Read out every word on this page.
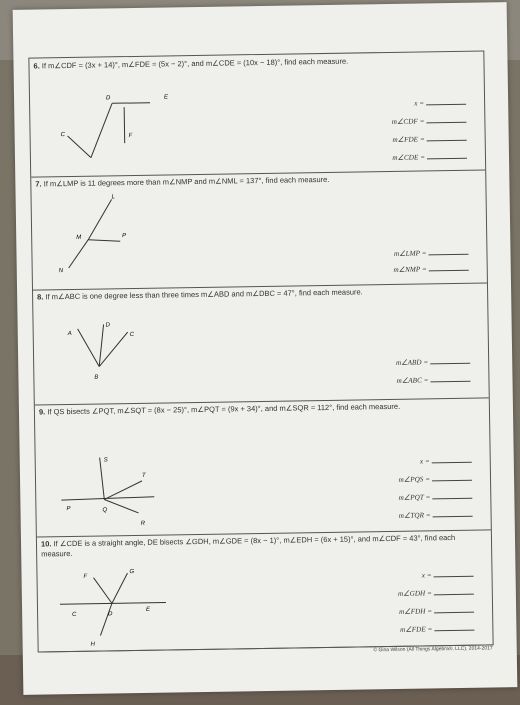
6. If m∠CDF = (3x + 14)°, m∠FDE = (5x − 2)°, and m∠CDE = (10x − 18)°, find each measure.
D	E
C	F
x =
m∠CDF =
m∠FDE =
m∠CDE =
7. If m∠LMP is 11 degrees more than m∠NMP and m∠NML = 137°, find each measure.
L
M	P
N
m∠LMP =
m∠NMP =
8. If m∠ABC is one degree less than three times m∠ABD and m∠DBC = 47°, find each measure.
A
D
C
B
m∠ABD =
m∠ABC =
9. If QS bisects ∠PQT, m∠SQT = (8x − 25)°, m∠PQT = (9x + 34)°, and m∠SQR = 112°, find each measure.
S
T
P	Q
R
x =
m∠PQS =
m∠PQT =
m∠TQR =
10. If ∠CDE is a straight angle, DE bisects ∠GDH, m∠GDE = (8x − 1)°, m∠EDH = (6x + 15)°, and m∠CDF = 43°, find each measure.
F
G
C	D
E
H
x =
m∠GDH =
m∠FDH =
m∠FDE =
© Gina Wilson (All Things Algebra®, LLC), 2014-2017
